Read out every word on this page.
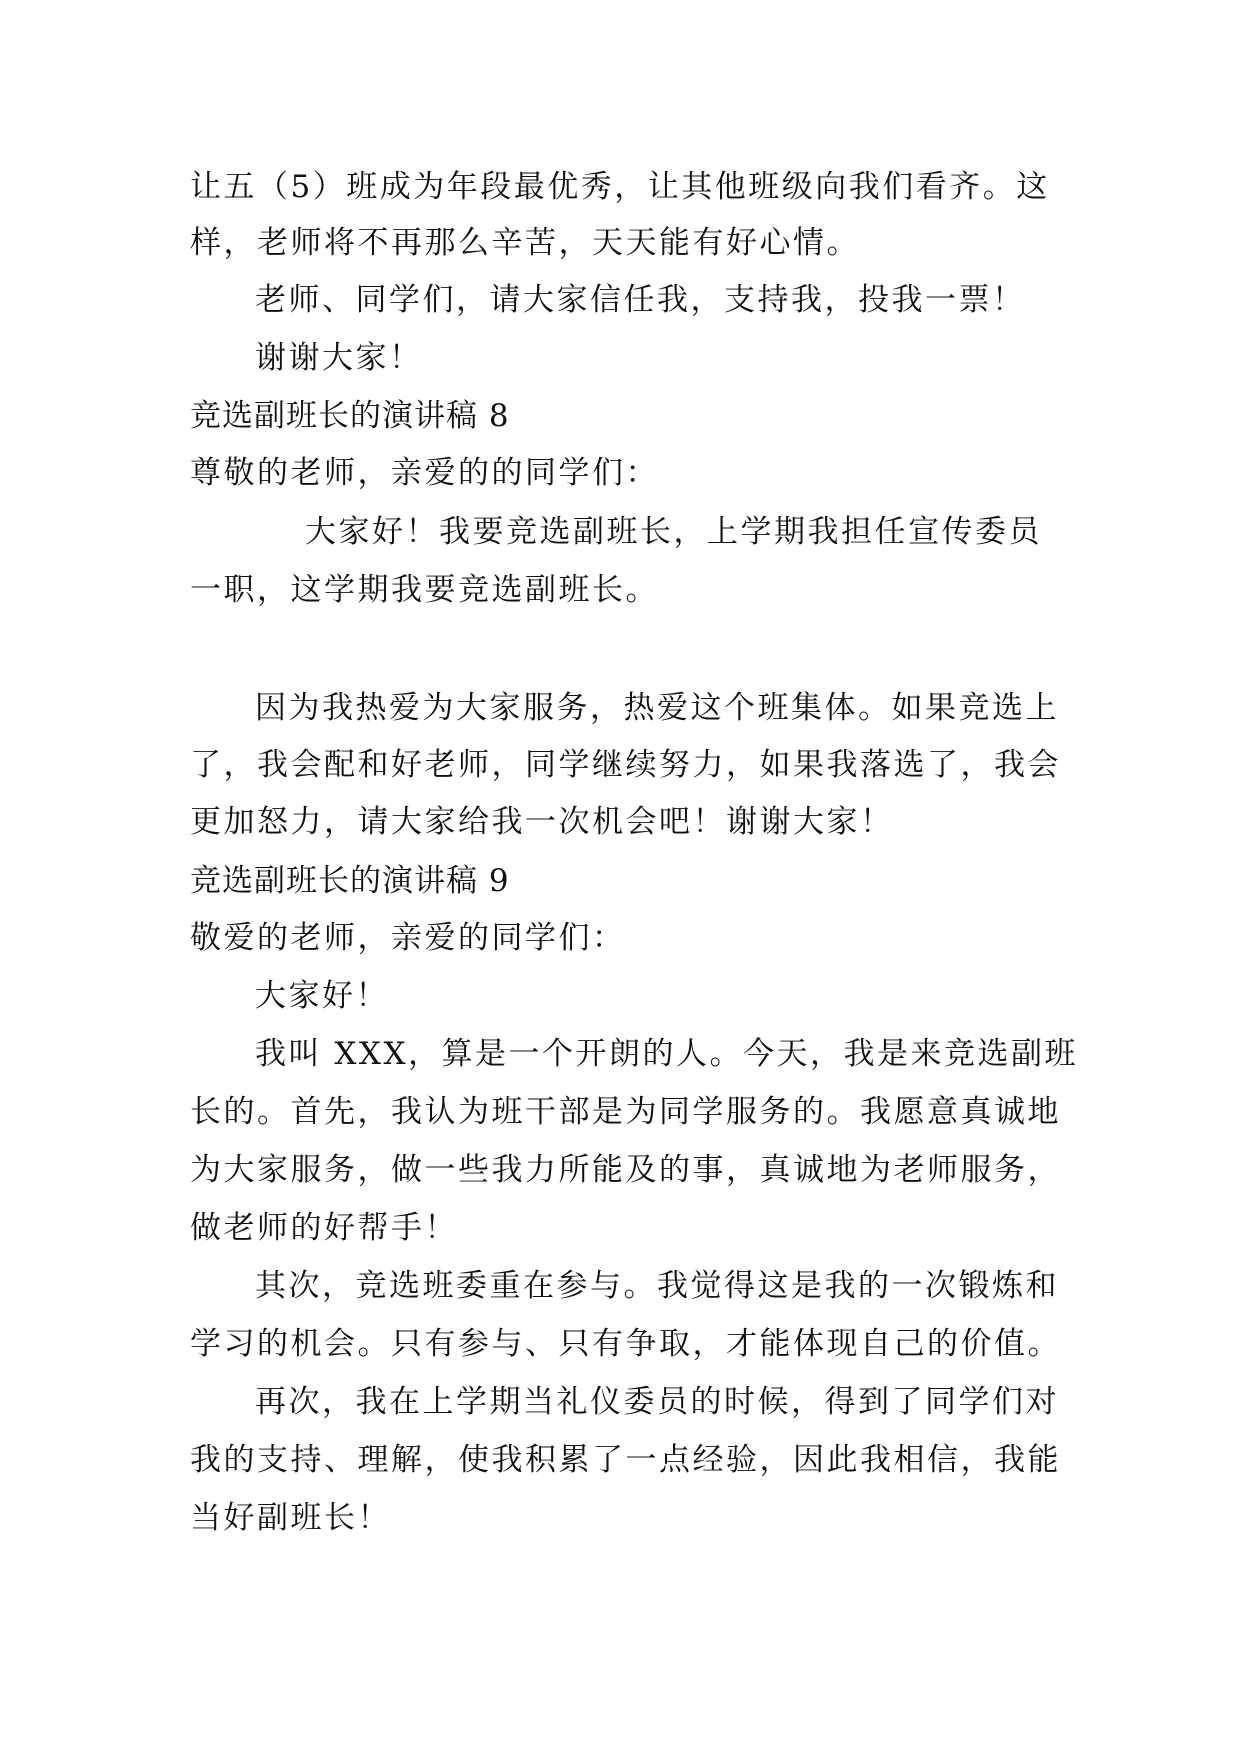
让五（5）班成为年段最优秀，让其他班级向我们看齐。这
样，老师将不再那么辛苦，天天能有好心情。
老师、同学们，请大家信任我，支持我，投我一票！
谢谢大家！
竞选副班长的演讲稿 8
尊敬的老师，亲爱的的同学们：
大家好！我要竞选副班长，上学期我担任宣传委员
一职，这学期我要竞选副班长。
因为我热爱为大家服务，热爱这个班集体。如果竞选上
了，我会配和好老师，同学继续努力，如果我落选了，我会
更加怒力，请大家给我一次机会吧！谢谢大家！
竞选副班长的演讲稿 9
敬爱的老师，亲爱的同学们：
大家好！
我叫 XXX，算是一个开朗的人。今天，我是来竞选副班
长的。首先，我认为班干部是为同学服务的。我愿意真诚地
为大家服务，做一些我力所能及的事，真诚地为老师服务，
做老师的好帮手！
其次，竞选班委重在参与。我觉得这是我的一次锻炼和
学习的机会。只有参与、只有争取，才能体现自己的价值。
再次，我在上学期当礼仪委员的时候，得到了同学们对
我的支持、理解，使我积累了一点经验，因此我相信，我能
当好副班长！
